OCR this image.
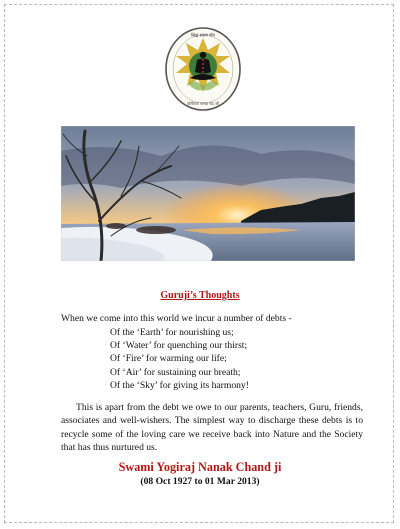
सिद्ध सहज योग
योगीराज नानक चंद जी
Guruji’s Thoughts
When we come into this world we incur a number of debts -
Of the ‘Earth’ for nourishing us;
Of ‘Water’ for quenching our thirst;
Of ‘Fire’ for warming our life;
Of ‘Air’ for sustaining our breath;
Of the ‘Sky’ for giving its harmony!

This is apart from the debt we owe to our parents, teachers, Guru, friends, associates and well-wishers. The simplest way to discharge these debts is to recycle some of the loving care we receive back into Nature and the Society that has thus nurtured us.

Swami Yogiraj Nanak Chand ji
(08 Oct 1927 to 01 Mar 2013)
